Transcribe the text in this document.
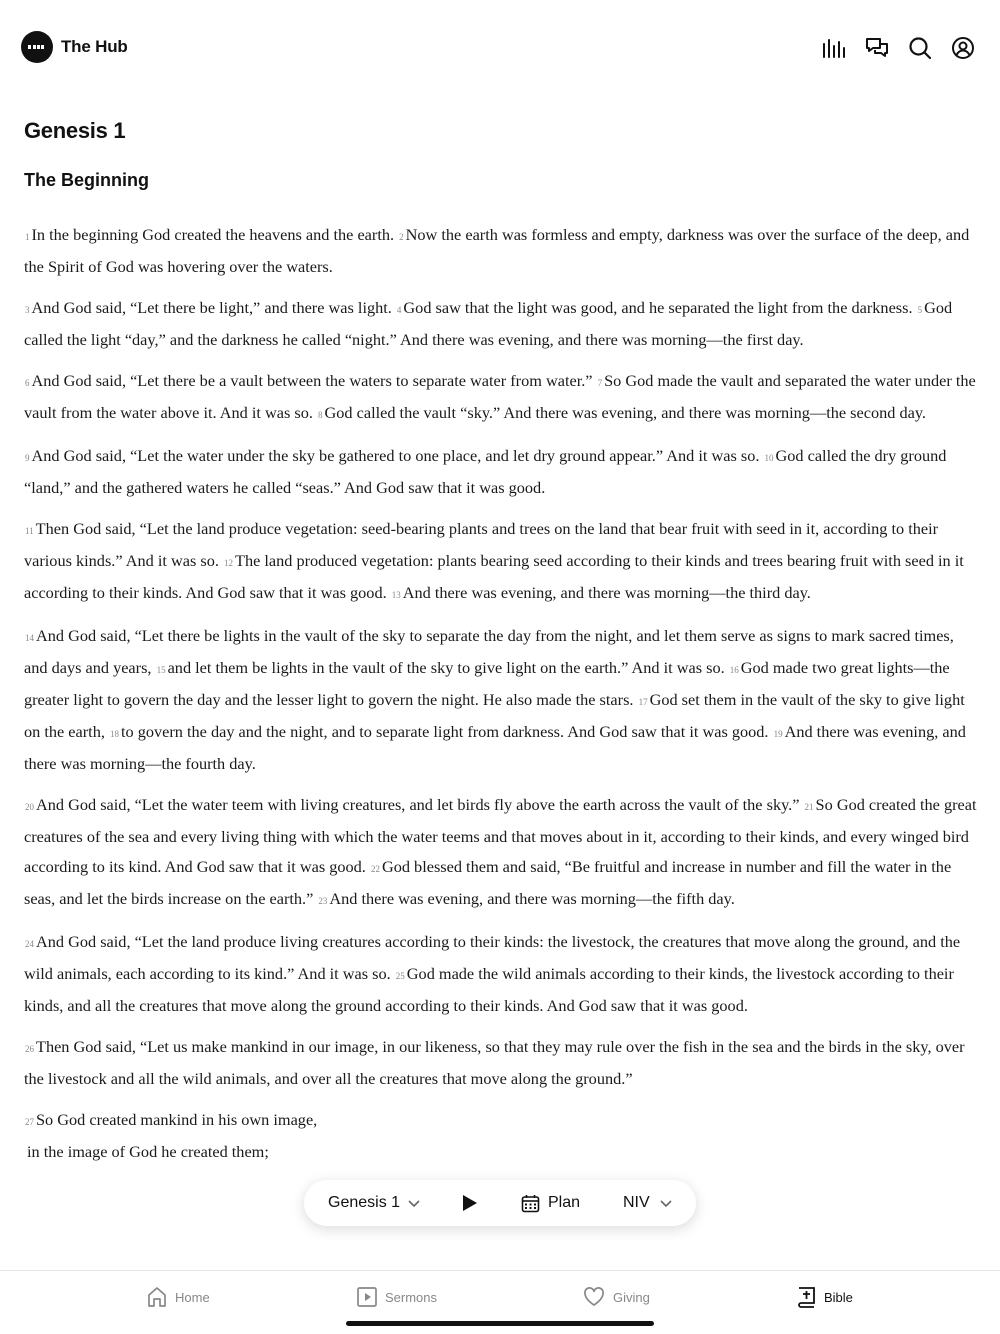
The Hub
Genesis 1
The Beginning
1 In the beginning God created the heavens and the earth. 2 Now the earth was formless and empty, darkness was over the surface of the deep, and the Spirit of God was hovering over the waters.
3 And God said, “Let there be light,” and there was light. 4 God saw that the light was good, and he separated the light from the darkness. 5 God called the light “day,” and the darkness he called “night.” And there was evening, and there was morning—the first day.
6 And God said, “Let there be a vault between the waters to separate water from water.” 7 So God made the vault and separated the water under the vault from the water above it. And it was so. 8 God called the vault “sky.” And there was evening, and there was morning—the second day.
9 And God said, “Let the water under the sky be gathered to one place, and let dry ground appear.” And it was so. 10 God called the dry ground “land,” and the gathered waters he called “seas.” And God saw that it was good.
11 Then God said, “Let the land produce vegetation: seed-bearing plants and trees on the land that bear fruit with seed in it, according to their various kinds.” And it was so. 12 The land produced vegetation: plants bearing seed according to their kinds and trees bearing fruit with seed in it according to their kinds. And God saw that it was good. 13 And there was evening, and there was morning—the third day.
14 And God said, “Let there be lights in the vault of the sky to separate the day from the night, and let them serve as signs to mark sacred times, and days and years, 15 and let them be lights in the vault of the sky to give light on the earth.” And it was so. 16 God made two great lights—the greater light to govern the day and the lesser light to govern the night. He also made the stars. 17 God set them in the vault of the sky to give light on the earth, 18 to govern the day and the night, and to separate light from darkness. And God saw that it was good. 19 And there was evening, and there was morning—the fourth day.
20 And God said, “Let the water teem with living creatures, and let birds fly above the earth across the vault of the sky.” 21 So God created the great creatures of the sea and every living thing with which the water teems and that moves about in it, according to their kinds, and every winged bird according to its kind. And God saw that it was good. 22 God blessed them and said, “Be fruitful and increase in number and fill the water in the seas, and let the birds increase on the earth.” 23 And there was evening, and there was morning—the fifth day.
24 And God said, “Let the land produce living creatures according to their kinds: the livestock, the creatures that move along the ground, and the wild animals, each according to its kind.” And it was so. 25 God made the wild animals according to their kinds, the livestock according to their kinds, and all the creatures that move along the ground according to their kinds. And God saw that it was good.
26 Then God said, “Let us make mankind in our image, in our likeness, so that they may rule over the fish in the sea and the birds in the sky, over the livestock and all the wild animals, and over all the creatures that move along the ground.”
27 So God created mankind in his own image,
in the image of God he created them;
Genesis 1	Plan	NIV
Home	Sermons	Giving	Bible
